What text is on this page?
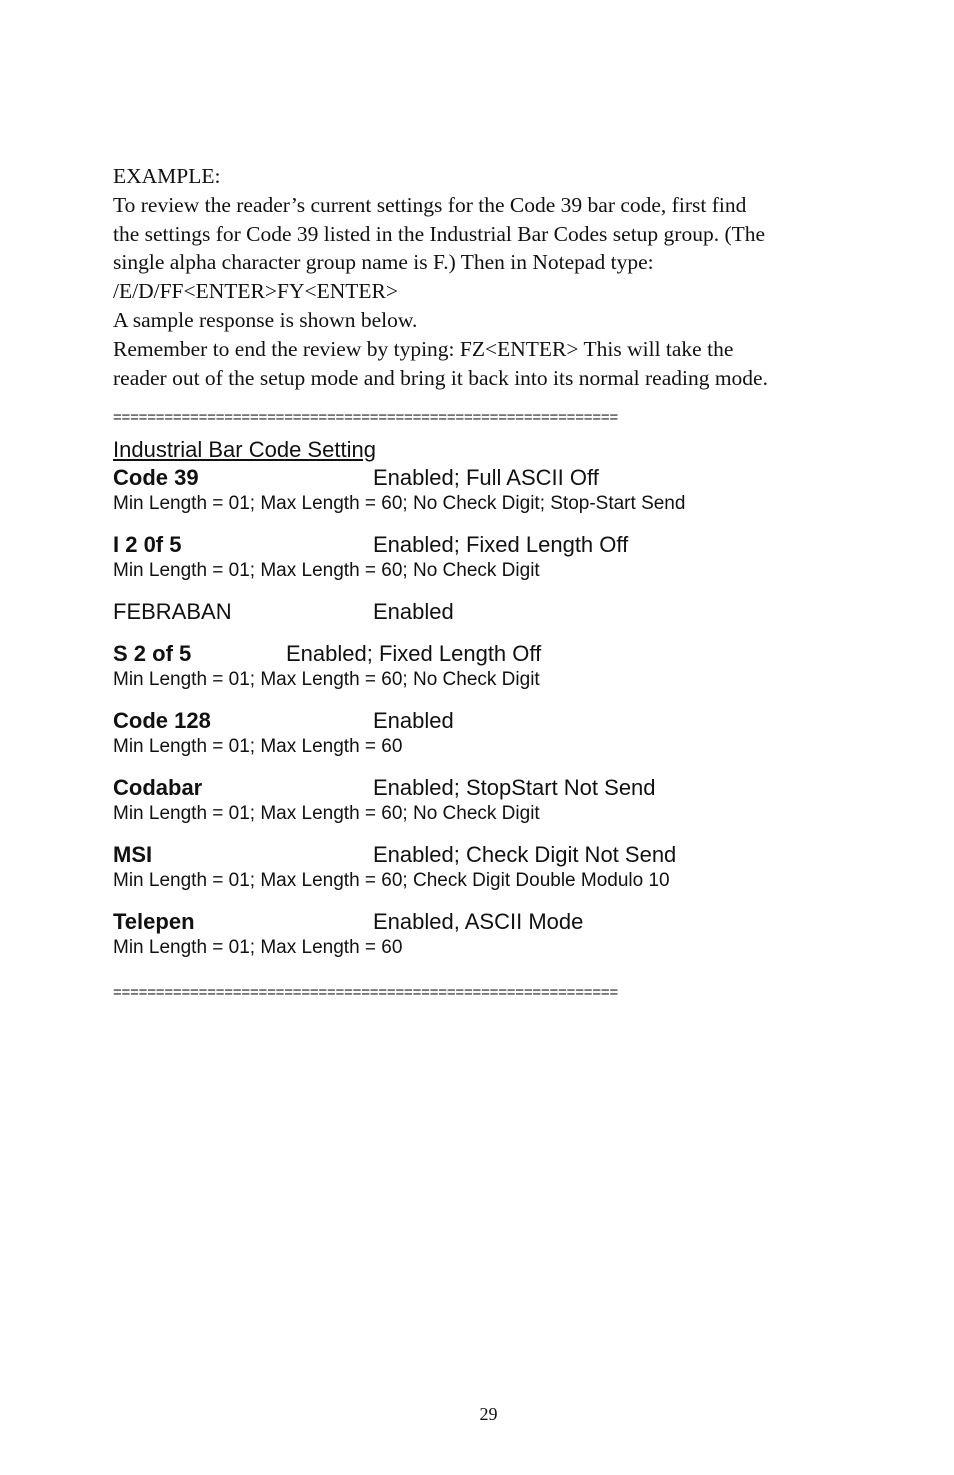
EXAMPLE:
To review the reader’s current settings for the Code 39 bar code, first find
the settings for Code 39 listed in the Industrial Bar Codes setup group. (The
single alpha character group name is F.) Then in Notepad type:
/E/D/FF<ENTER>FY<ENTER>
A sample response is shown below.
Remember to end the review by typing: FZ<ENTER> This will take the
reader out of the setup mode and bring it back into its normal reading mode.
===========================================================
Industrial Bar Code Setting
Code 39	Enabled; Full ASCII Off
Min Length = 01; Max Length = 60; No Check Digit; Stop-Start Send
I 2 0f 5	Enabled; Fixed Length Off
Min Length = 01; Max Length = 60; No Check Digit
FEBRABAN	Enabled
S 2 of 5	Enabled; Fixed Length Off
Min Length = 01; Max Length = 60; No Check Digit
Code 128	Enabled
Min Length = 01; Max Length = 60
Codabar	Enabled; StopStart Not Send
Min Length = 01; Max Length = 60; No Check Digit
MSI	Enabled; Check Digit Not Send
Min Length = 01; Max Length = 60; Check Digit Double Modulo 10
Telepen	Enabled, ASCII Mode
Min Length = 01; Max Length = 60
===========================================================
29
